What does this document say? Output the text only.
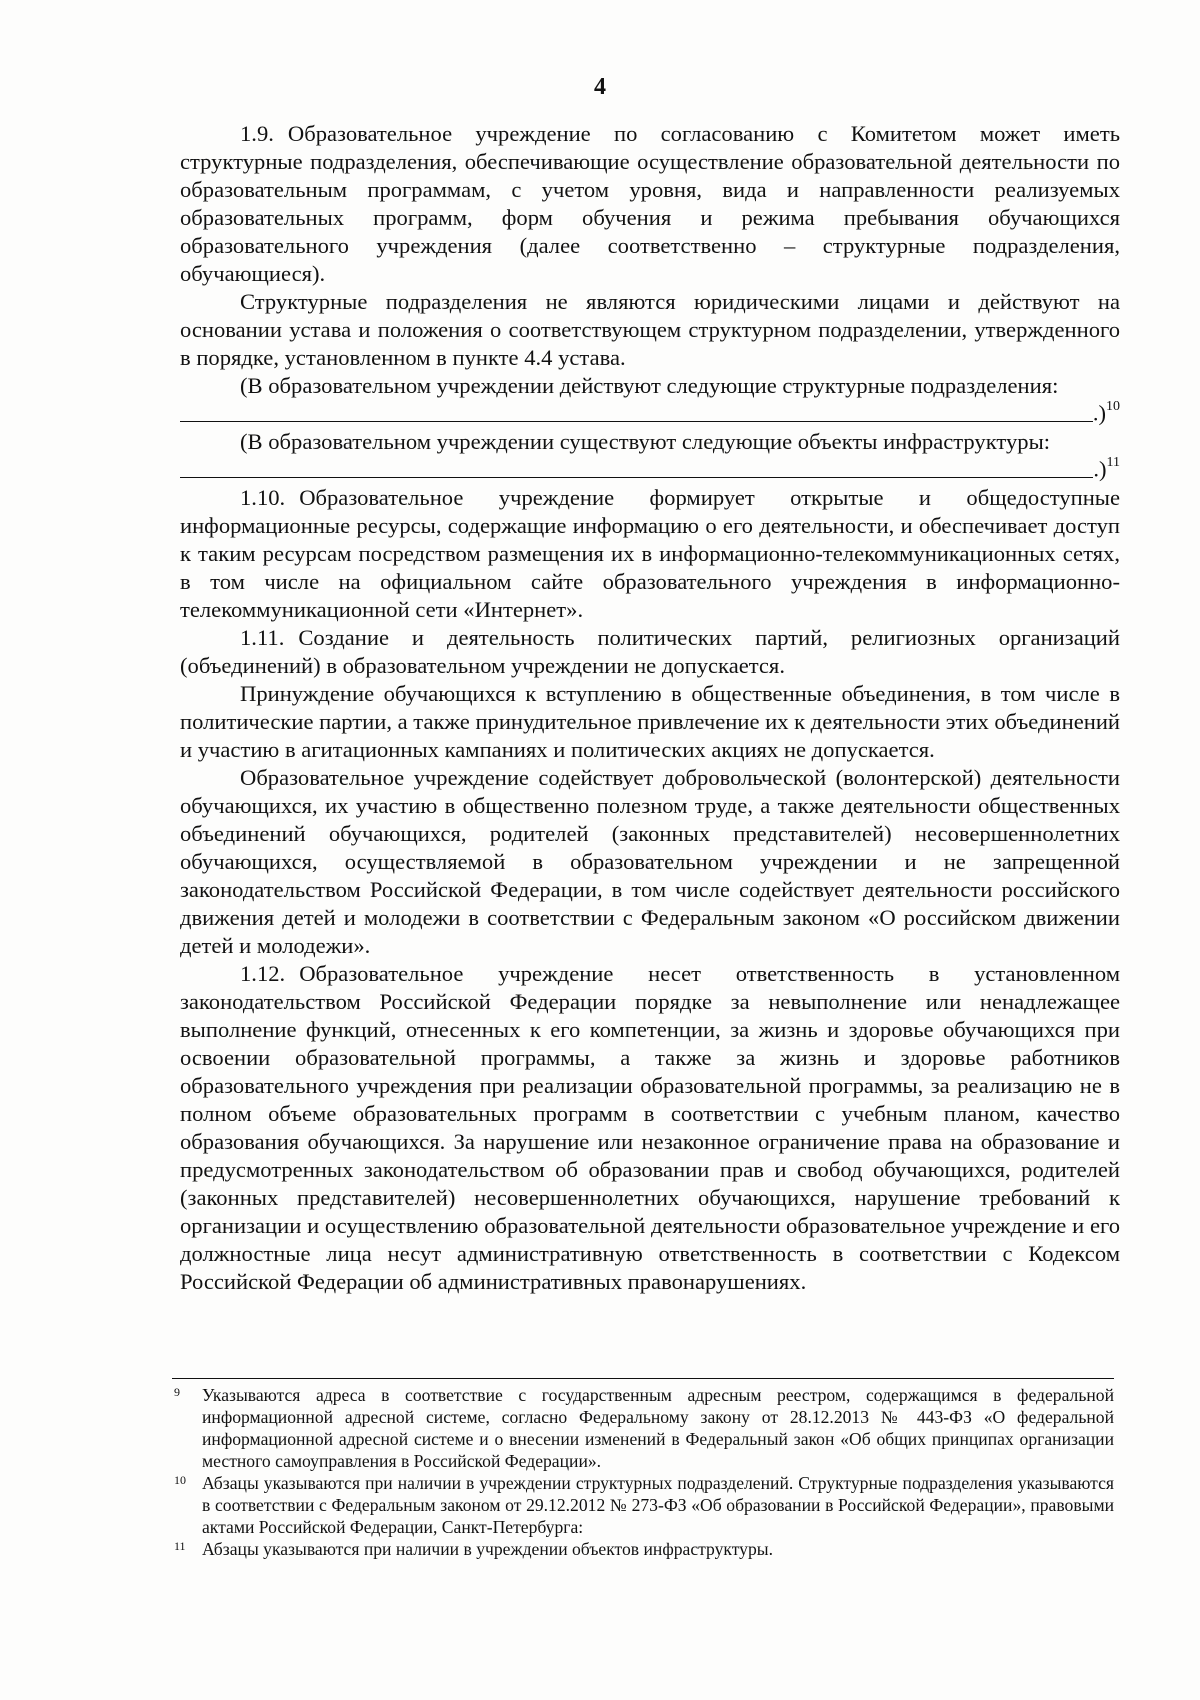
4

1.9. Образовательное учреждение по согласованию с Комитетом может иметь структурные подразделения, обеспечивающие осуществление образовательной деятельности по образовательным программам, с учетом уровня, вида и направленности реализуемых образовательных программ, форм обучения и режима пребывания обучающихся образовательного учреждения (далее соответственно – структурные подразделения, обучающиеся).

Структурные подразделения не являются юридическими лицами и действуют на основании устава и положения о соответствующем структурном подразделении, утвержденного в порядке, установленном в пункте 4.4 устава.

(В образовательном учреждении действуют следующие структурные подразделения:

.)$^{10}$

(В образовательном учреждении существуют следующие объекты инфраструктуры:

.)$^{11}$

1.10. Образовательное учреждение формирует открытые и общедоступные информационные ресурсы, содержащие информацию о его деятельности, и обеспечивает доступ к таким ресурсам посредством размещения их в информационно-телекоммуникационных сетях, в том числе на официальном сайте образовательного учреждения в информационно-телекоммуникационной сети «Интернет».

1.11. Создание и деятельность политических партий, религиозных организаций (объединений) в образовательном учреждении не допускается.

Принуждение обучающихся к вступлению в общественные объединения, в том числе в политические партии, а также принудительное привлечение их к деятельности этих объединений и участию в агитационных кампаниях и политических акциях не допускается.

Образовательное учреждение содействует добровольческой (волонтерской) деятельности обучающихся, их участию в общественно полезном труде, а также деятельности общественных объединений обучающихся, родителей (законных представителей) несовершеннолетних обучающихся, осуществляемой в образовательном учреждении и не запрещенной законодательством Российской Федерации, в том числе содействует деятельности российского движения детей и молодежи в соответствии с Федеральным законом «О российском движении детей и молодежи».

1.12. Образовательное учреждение несет ответственность в установленном законодательством Российской Федерации порядке за невыполнение или ненадлежащее выполнение функций, отнесенных к его компетенции, за жизнь и здоровье обучающихся при освоении образовательной программы, а также за жизнь и здоровье работников образовательного учреждения при реализации образовательной программы, за реализацию не в полном объеме образовательных программ в соответствии с учебным планом, качество образования обучающихся. За нарушение или незаконное ограничение права на образование и предусмотренных законодательством об образовании прав и свобод обучающихся, родителей (законных представителей) несовершеннолетних обучающихся, нарушение требований к организации и осуществлению образовательной деятельности образовательное учреждение и его должностные лица несут административную ответственность в соответствии с Кодексом Российской Федерации об административных правонарушениях.

9 Указываются адреса в соответствие с государственным адресным реестром, содержащимся в федеральной информационной адресной системе, согласно Федеральному закону от 28.12.2013 № 443-ФЗ «О федеральной информационной адресной системе и о внесении изменений в Федеральный закон «Об общих принципах организации местного самоуправления в Российской Федерации».
10 Абзацы указываются при наличии в учреждении структурных подразделений. Структурные подразделения указываются в соответствии с Федеральным законом от 29.12.2012 № 273-ФЗ «Об образовании в Российской Федерации», правовыми актами Российской Федерации, Санкт-Петербурга:
11 Абзацы указываются при наличии в учреждении объектов инфраструктуры.
